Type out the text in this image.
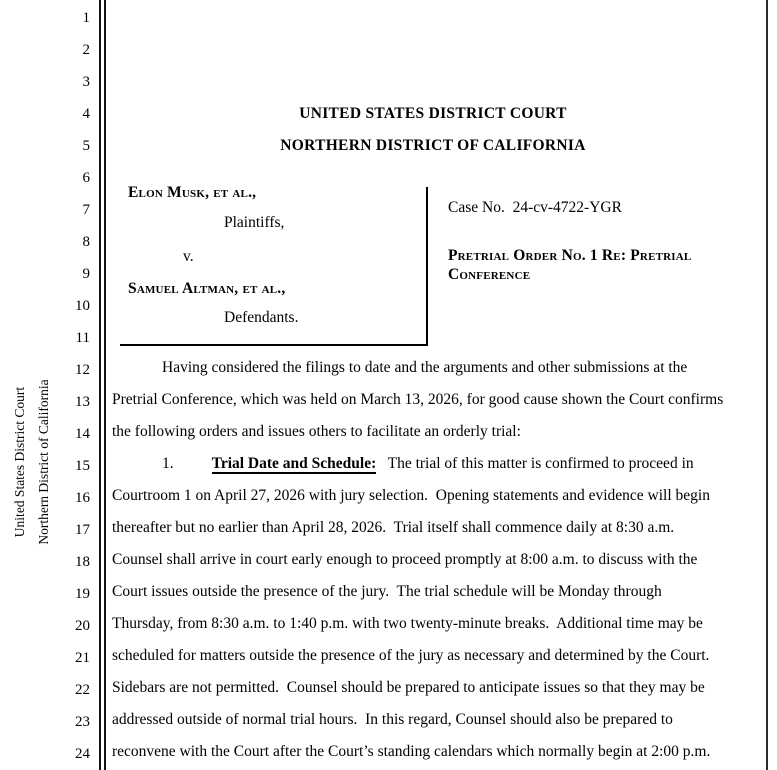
United States District Court Northern District of California
1
2
3
4
5
6
7
8
9
10
11
12
13
14
15
16
17
18
19
20
21
22
23
24
UNITED STATES DISTRICT COURT
NORTHERN DISTRICT OF CALIFORNIA
Elon Musk, et al.,
Plaintiffs,
v.
Samuel Altman, et al.,
Defendants.
Case No.  24-cv-4722-YGR
Pretrial Order No. 1 Re: Pretrial Conference
Having considered the filings to date and the arguments and other submissions at the
Pretrial Conference, which was held on March 13, 2026, for good cause shown the Court confirms
the following orders and issues others to facilitate an orderly trial:
1. Trial Date and Schedule:   The trial of this matter is confirmed to proceed in
Courtroom 1 on April 27, 2026 with jury selection.  Opening statements and evidence will begin
thereafter but no earlier than April 28, 2026.  Trial itself shall commence daily at 8:30 a.m.
Counsel shall arrive in court early enough to proceed promptly at 8:00 a.m. to discuss with the
Court issues outside the presence of the jury.  The trial schedule will be Monday through
Thursday, from 8:30 a.m. to 1:40 p.m. with two twenty-minute breaks.  Additional time may be
scheduled for matters outside the presence of the jury as necessary and determined by the Court.
Sidebars are not permitted.  Counsel should be prepared to anticipate issues so that they may be
addressed outside of normal trial hours.  In this regard, Counsel should also be prepared to
reconvene with the Court after the Court’s standing calendars which normally begin at 2:00 p.m.
